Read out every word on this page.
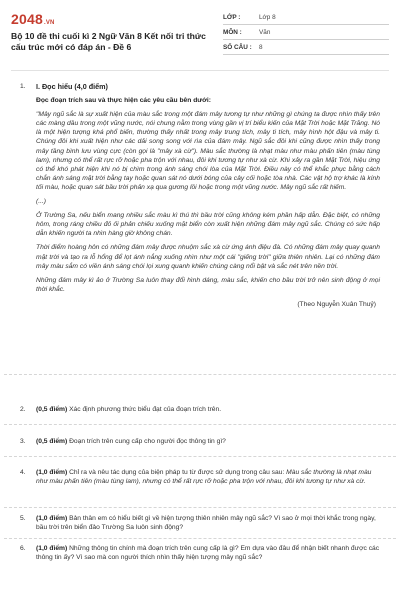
2048.VN
Bộ 10 đề thi cuối kì 2 Ngữ Văn 8 Kết nối tri thức cấu trúc mới có đáp án - Đề 6
LỚP :	Lớp 8
MÔN :	Văn
SỐ CÂU :	8
1.	I. Đọc hiểu (4,0 điểm)
Đọc đoạn trích sau và thực hiện các yêu cầu bên dưới:

"Mây ngũ sắc là sự xuất hiện của màu sắc trong một đám mây tương tự như những gì chúng ta được nhìn thấy trên các màng dầu trong một vũng nước, nói chung nằm trong vùng gần vị trí biểu kiến của Mặt Trời hoặc Mặt Trăng. Nó là một hiện tượng khá phổ biến, thường thấy nhất trong mây trung tích, mây ti tích, mây hình hột đậu và mây ti. Chúng đôi khi xuất hiện như các dải song song với rìa của đám mây. Ngũ sắc đôi khi cũng được nhìn thấy trong mây tầng bình lưu vùng cực (còn gọi là "mây xà cừ"). Màu sắc thường là nhạt màu như màu phấn tiên (màu tùng lam), nhưng có thể rất rực rỡ hoặc pha trộn với nhau, đôi khi tương tự như xà cừ. Khi xảy ra gần Mặt Trời, hiệu ứng có thể khó phát hiện khi nó bị chìm trong ánh sáng chói lòa của Mặt Trời. Điều này có thể khắc phục bằng cách chắn ánh sáng mặt trời bằng tay hoặc quan sát nó dưới bóng của cây cối hoặc tòa nhà. Các vật hộ trợ khác là kính tối màu, hoặc quan sát bầu trời phản xạ qua gương lồi hoặc trong một vũng nước. Mây ngũ sắc rất hiếm.

(...)

Ở Trường Sa, nếu biển mang nhiều sắc màu kì thú thì bầu trời cũng không kém phần hấp dẫn. Đặc biệt, có những hôm, trong ráng chiều đỏ ối phản chiếu xuống mặt biển còn xuất hiện những đám mây ngũ sắc. Chúng có sức hấp dẫn khiến người ta nhìn hàng giờ không chán.

Thời điểm hoàng hôn có những đám mây được nhuộm sắc xà cừ ứng ánh điệu đà. Có những đám mây quay quanh mặt trời và tạo ra lỗ hổng để lọt ánh nắng xuống nhìn như một cái "giếng trời" giữa thiên nhiên. Lại có những đám mây màu sắm có viền ánh sáng chói lọi xung quanh khiến chúng càng nổi bật và sắc nét trên nền trời.

Những đám mây kì ảo ở Trường Sa luôn thay đổi hình dáng, màu sắc, khiến cho bầu trời trở nên sinh động ở mọi thời khắc.

(Theo Nguyễn Xuân Thuỷ)
2.	(0,5 điểm) Xác định phương thức biểu đạt của đoạn trích trên.
3.	(0,5 điểm) Đoạn trích trên cung cấp cho người đọc thông tin gì?
4.	(1,0 điểm) Chỉ ra và nêu tác dụng của biện pháp tu từ được sử dụng trong câu sau: Màu sắc thường là nhạt màu như màu phấn tiên (màu tùng lam), nhưng có thể rất rực rỡ hoặc pha trộn với nhau, đôi khi tương tự như xà cừ.
5.	(1,0 điểm) Bản thân em có hiểu biết gì về hiện tượng thiên nhiên mây ngũ sắc? Vì sao ở mọi thời khắc trong ngày, bầu trời trên biển đảo Trường Sa luôn sinh động?
6.	(1,0 điểm) Những thông tin chính mà đoạn trích trên cung cấp là gì? Em dựa vào đâu để nhận biết nhanh được các thông tin ấy? Vì sao mà con người thích nhìn thấy hiện tượng mây ngũ sắc?
